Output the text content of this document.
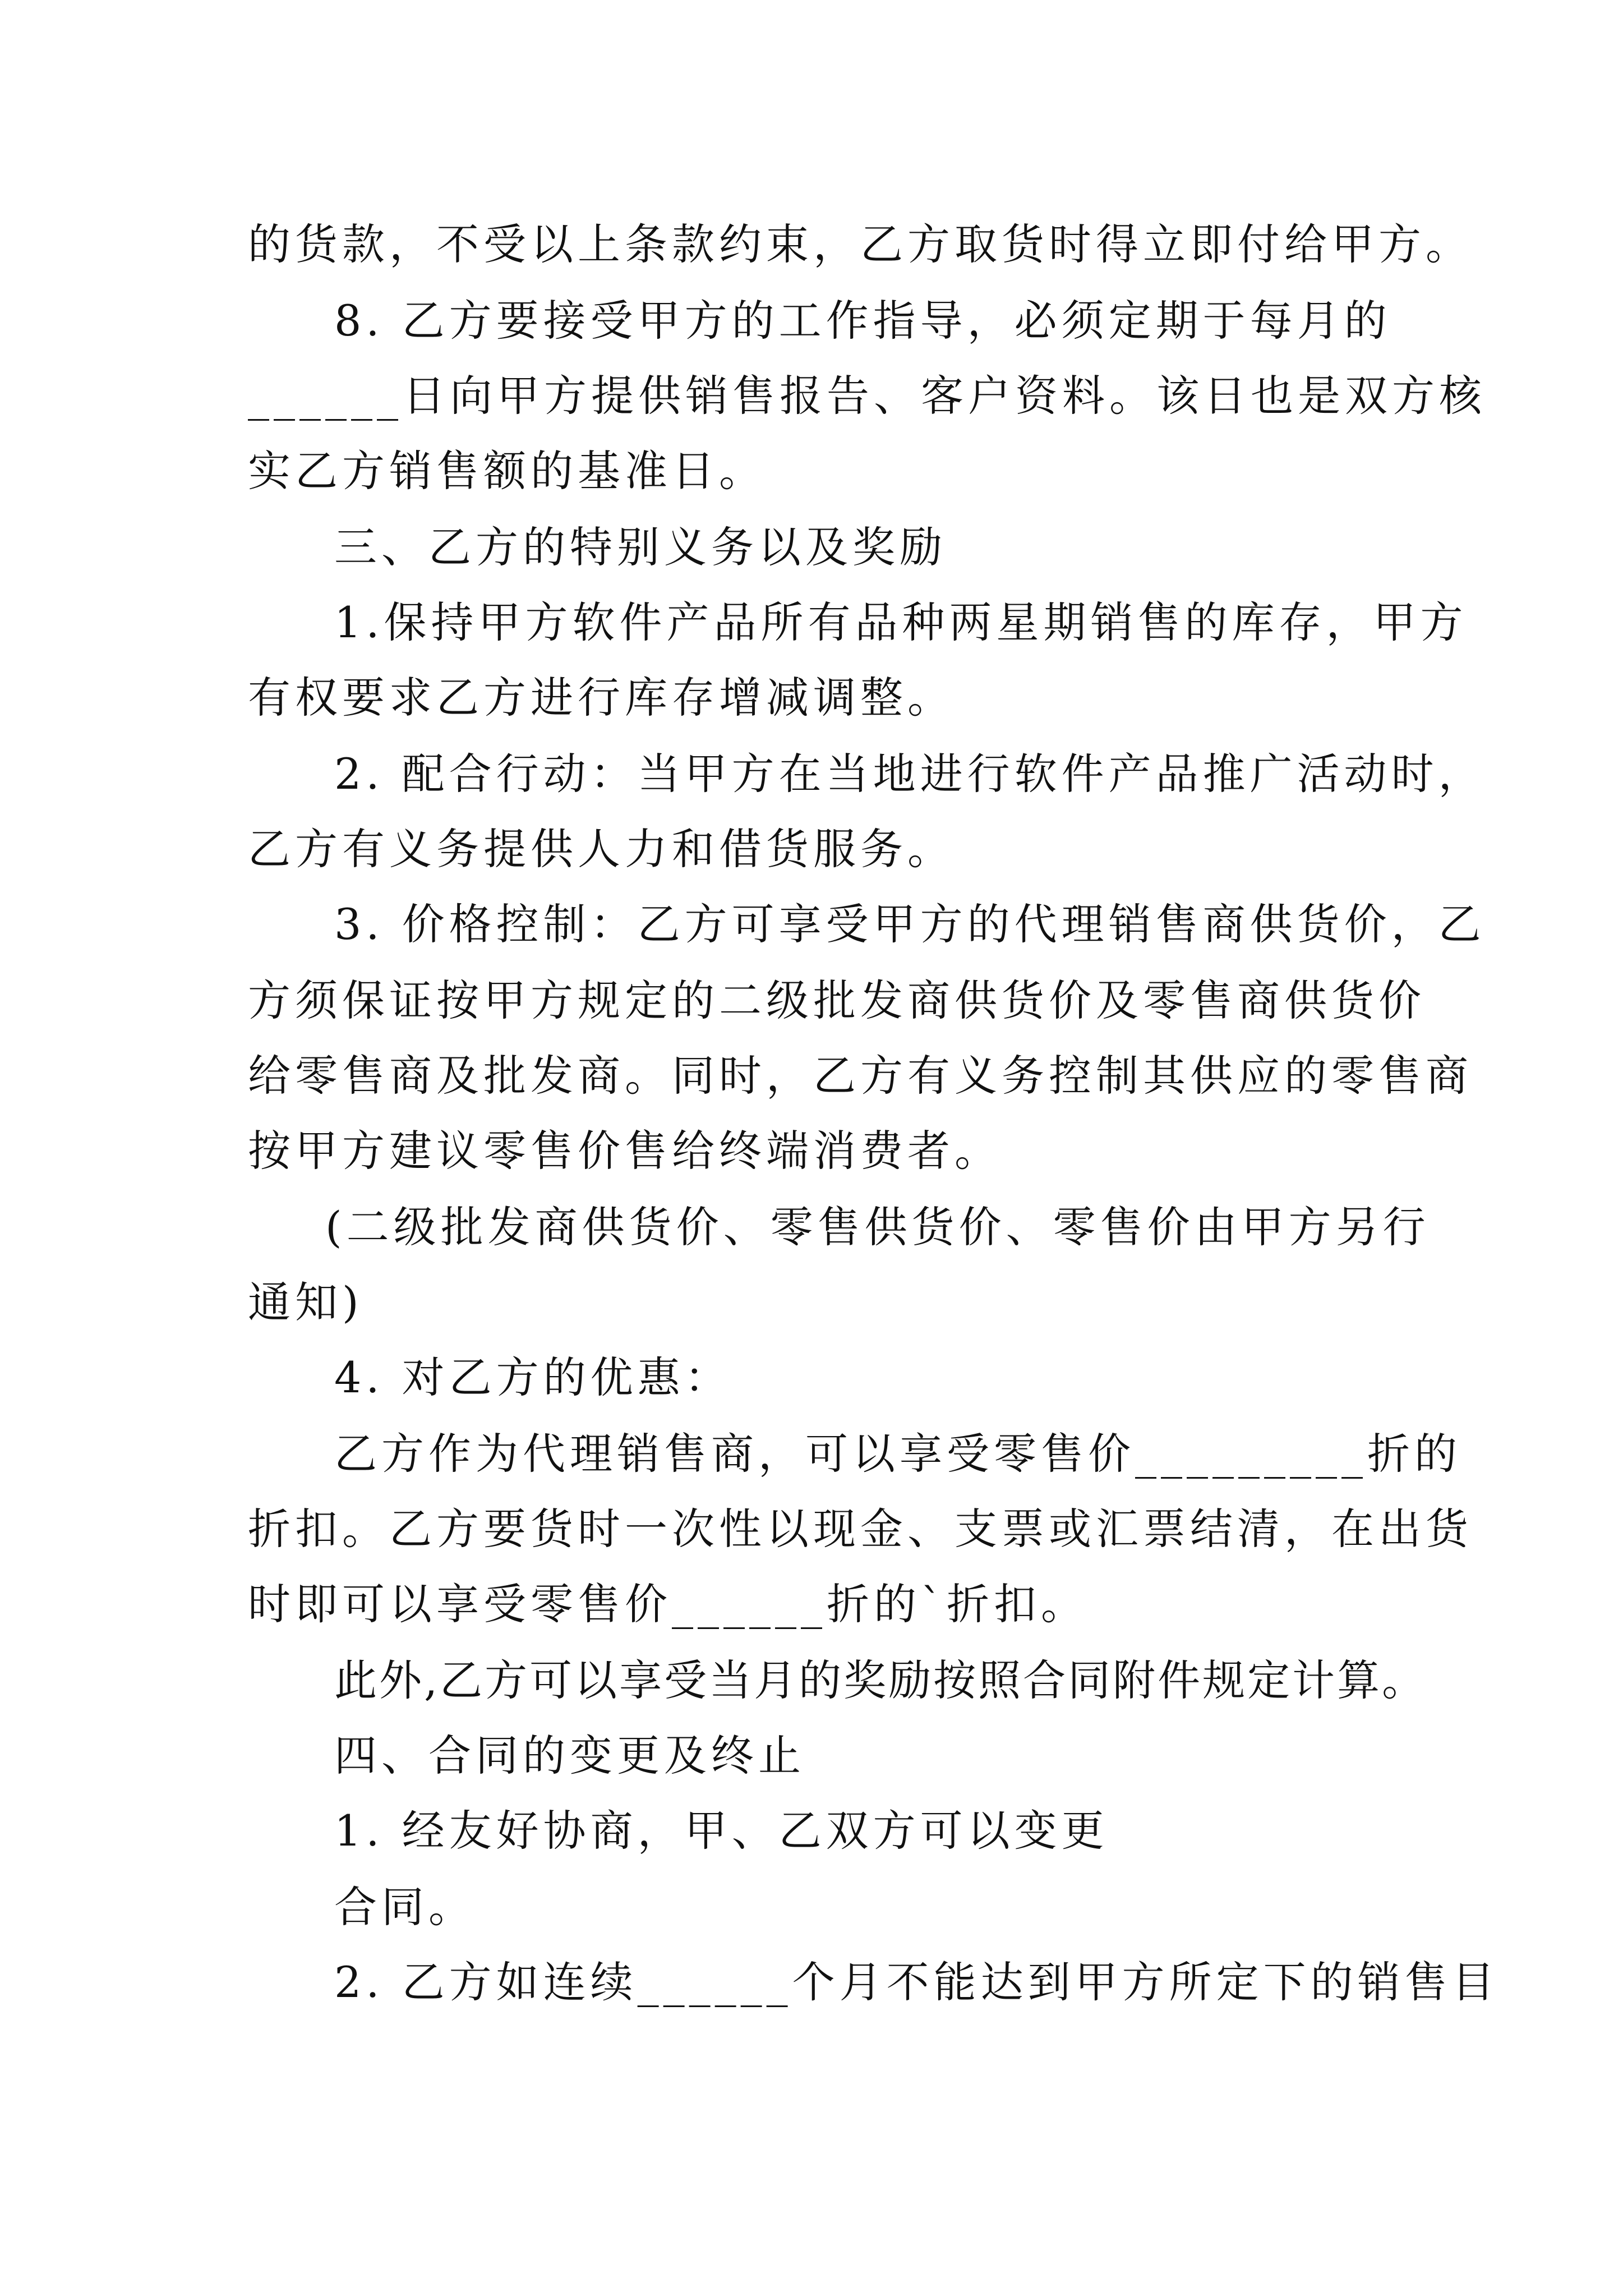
的货款，不受以上条款约束，乙方取货时得立即付给甲方。
8. 乙方要接受甲方的工作指导，必须定期于每月的
______日向甲方提供销售报告、客户资料。该日也是双方核
实乙方销售额的基准日。
三、乙方的特别义务以及奖励
1.保持甲方软件产品所有品种两星期销售的库存，甲方
有权要求乙方进行库存增减调整。
2. 配合行动：当甲方在当地进行软件产品推广活动时，
乙方有义务提供人力和借货服务。
3. 价格控制：乙方可享受甲方的代理销售商供货价，乙
方须保证按甲方规定的二级批发商供货价及零售商供货价
给零售商及批发商。同时，乙方有义务控制其供应的零售商
按甲方建议零售价售给终端消费者。
(二级批发商供货价、零售供货价、零售价由甲方另行
通知)
4. 对乙方的优惠：
乙方作为代理销售商，可以享受零售价_________折的
折扣。乙方要货时一次性以现金、支票或汇票结清，在出货
时即可以享受零售价______折的`折扣。
此外,乙方可以享受当月的奖励按照合同附件规定计算。
四、合同的变更及终止
1. 经友好协商，甲、乙双方可以变更
合同。
2. 乙方如连续______个月不能达到甲方所定下的销售目
